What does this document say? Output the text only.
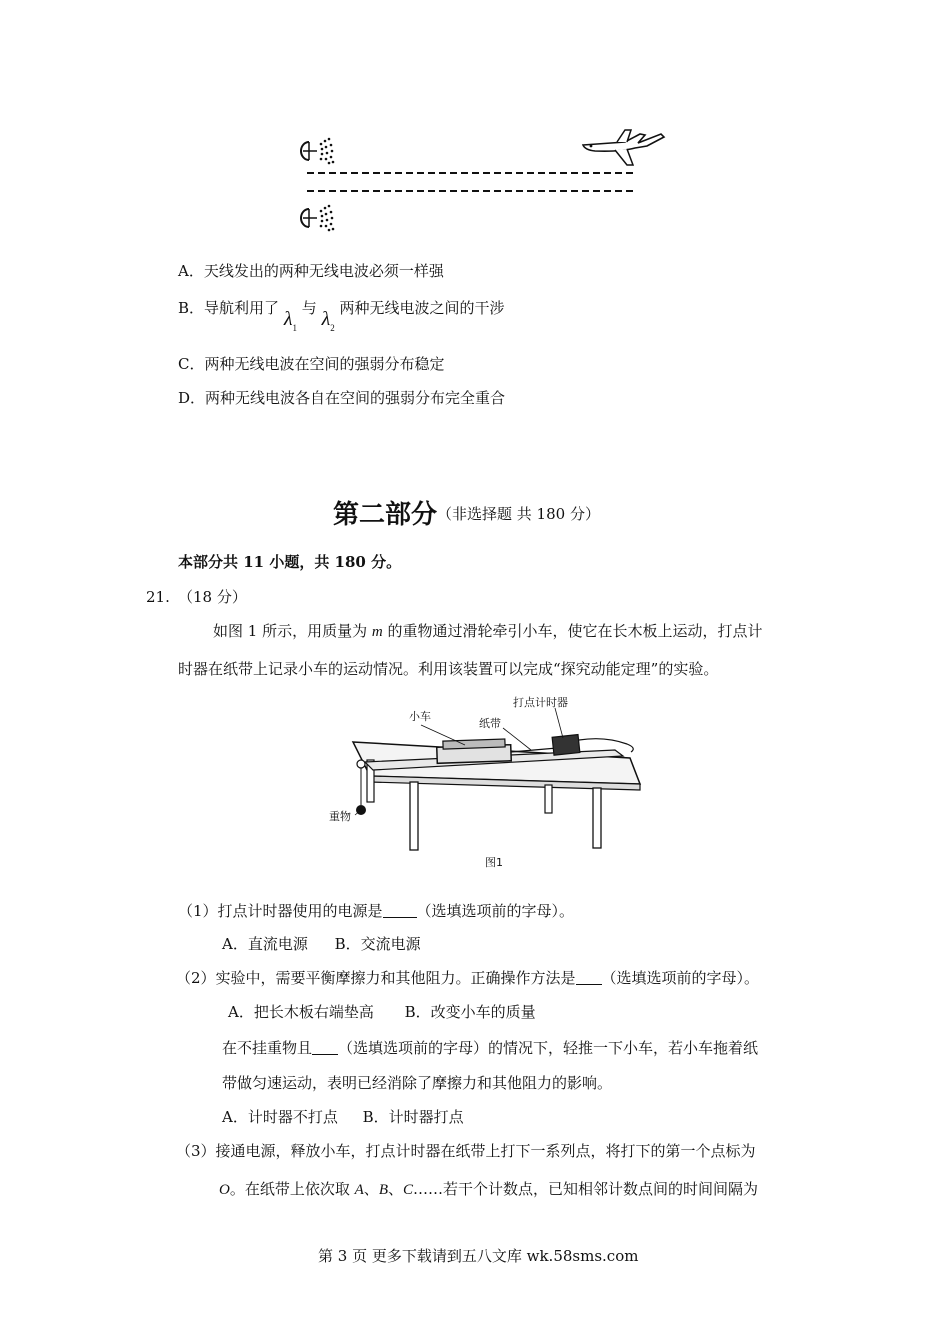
A．天线发出的两种无线电波必须一样强
B．导航利用了 $\lambda_1$ 与 $\lambda_2$ 两种无线电波之间的干涉
C．两种无线电波在空间的强弱分布稳定
D．两种无线电波各自在空间的强弱分布完全重合
第二部分（非选择题 共 180 分）
本部分共 11 小题，共 180 分。
21. （18 分）
如图 1 所示，用质量为 m 的重物通过滑轮牵引小车，使它在长木板上运动，打点计
时器在纸带上记录小车的运动情况。利用该装置可以完成“探究动能定理”的实验。
小车
纸带
打点计时器
重物
图1
（1）打点计时器使用的电源是 （选填选项前的字母）。
A．直流电源 B．交流电源
（2）实验中，需要平衡摩擦力和其他阻力。正确操作方法是 （选填选项前的字母）。
A．把长木板右端垫高 B．改变小车的质量
在不挂重物且 （选填选项前的字母）的情况下，轻推一下小车，若小车拖着纸
带做匀速运动，表明已经消除了摩擦力和其他阻力的影响。
A．计时器不打点 B．计时器打点
（3）接通电源，释放小车，打点计时器在纸带上打下一系列点，将打下的第一个点标为
O。在纸带上依次取 A、B、C……若干个计数点，已知相邻计数点间的时间间隔为
第 3 页 更多下载请到五八文库 wk.58sms.com
